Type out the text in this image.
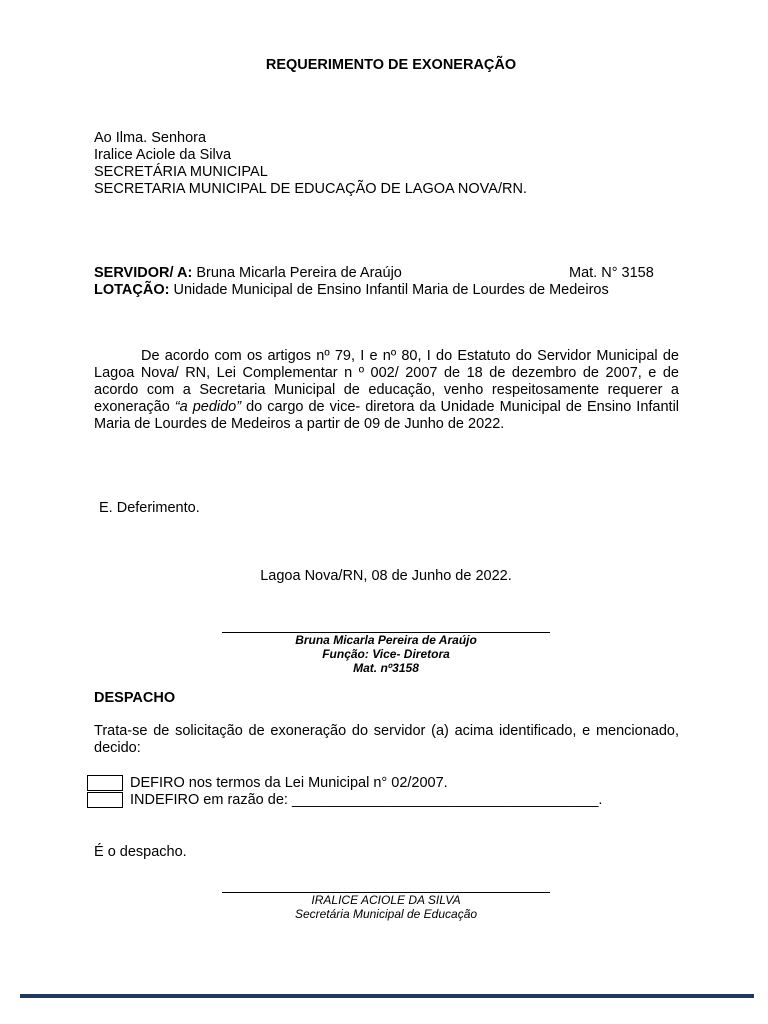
REQUERIMENTO DE EXONERAÇÃO
Ao Ilma. Senhora
Iralice Aciole da Silva
SECRETÁRIA MUNICIPAL
SECRETARIA MUNICIPAL DE EDUCAÇÃO DE LAGOA NOVA/RN.
SERVIDOR/ A: Bruna Micarla Pereira de Araújo	Mat. N° 3158
LOTAÇÃO: Unidade Municipal de Ensino Infantil Maria de Lourdes de Medeiros
De acordo com os artigos nº 79, I e nº 80, I do Estatuto do Servidor Municipal de Lagoa Nova/ RN, Lei Complementar n º 002/ 2007 de 18 de dezembro de 2007, e de acordo com a Secretaria Municipal de educação, venho respeitosamente requerer a exoneração “a pedido” do cargo de vice- diretora da Unidade Municipal de Ensino Infantil Maria de Lourdes de Medeiros a partir de 09 de Junho de 2022.
E. Deferimento.
Lagoa Nova/RN, 08 de Junho de 2022.
Bruna Micarla Pereira de Araújo
Função: Vice- Diretora
Mat. nº3158
DESPACHO
Trata-se de solicitação de exoneração do servidor (a) acima identificado, e mencionado, decido:
DEFIRO nos termos da Lei Municipal n° 02/2007.
INDEFIRO em razão de: ______________________________________.
É o despacho.
IRALICE ACIOLE DA SILVA
Secretária Municipal de Educação
